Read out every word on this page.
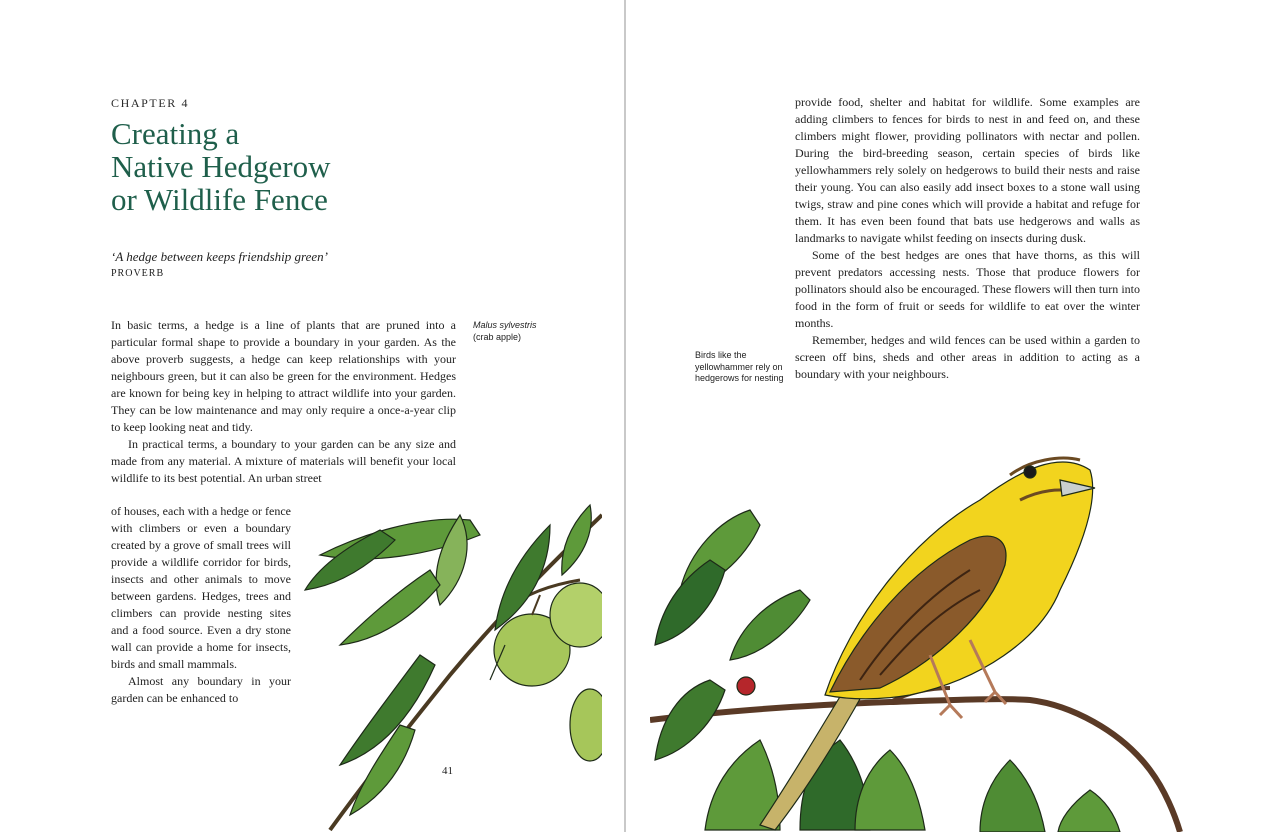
CHAPTER 4
Creating a
Native Hedgerow
or Wildlife Fence
‘A hedge between keeps friendship green’
PROVERB

In basic terms, a hedge is a line of plants that are pruned into a particular formal shape to provide a boundary in your garden. As the above proverb suggests, a hedge can keep relationships with your neighbours green, but it can also be green for the environment. Hedges are known for being key in helping to attract wildlife into your garden. They can be low maintenance and may only require a once-a-year clip to keep looking neat and tidy.

In practical terms, a boundary to your garden can be any size and made from any material. A mixture of materials will benefit your local wildlife to its best potential. An urban street

of houses, each with a hedge or fence with climbers or even a boundary created by a grove of small trees will provide a wildlife corridor for birds, insects and other animals to move between gardens. Hedges, trees and climbers can provide nesting sites and a food source. Even a dry stone wall can provide a home for insects, birds and small mammals.

Almost any boundary in your garden can be enhanced to

Malus sylvestris
(crab apple)
41

provide food, shelter and habitat for wildlife. Some examples are adding climbers to fences for birds to nest in and feed on, and these climbers might flower, providing pollinators with nectar and pollen. During the bird-breeding season, certain species of birds like yellowhammers rely solely on hedgerows to build their nests and raise their young. You can also easily add insect boxes to a stone wall using twigs, straw and pine cones which will provide a habitat and refuge for them. It has even been found that bats use hedgerows and walls as landmarks to navigate whilst feeding on insects during dusk.

Some of the best hedges are ones that have thorns, as this will prevent predators accessing nests. Those that produce flowers for pollinators should also be encouraged. These flowers will then turn into food in the form of fruit or seeds for wildlife to eat over the winter months.

Remember, hedges and wild fences can be used within a garden to screen off bins, sheds and other areas in addition to acting as a boundary with your neighbours.

Birds like the yellowhammer rely on hedgerows for nesting
